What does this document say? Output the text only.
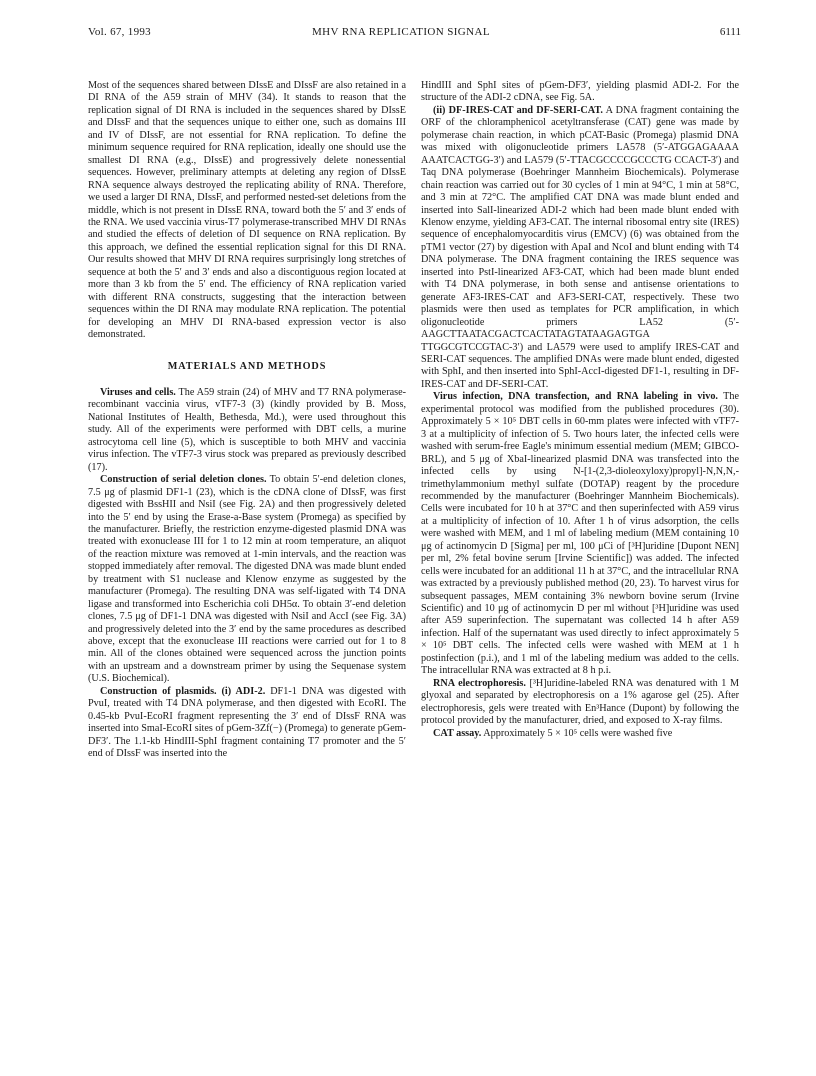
Vol. 67, 1993	MHV RNA REPLICATION SIGNAL	6111

Most of the sequences shared between DIssE and DIssF are also retained in a DI RNA of the A59 strain of MHV (34). It stands to reason that the replication signal of DI RNA is included in the sequences shared by DIssE and DIssF and that the sequences unique to either one, such as domains III and IV of DIssF, are not essential for RNA replication. To define the minimum sequence required for RNA replication, ideally one should use the smallest DI RNA (e.g., DIssE) and progressively delete nonessential sequences. However, preliminary attempts at deleting any region of DIssE RNA sequence always destroyed the replicating ability of RNA. Therefore, we used a larger DI RNA, DIssF, and performed nested-set deletions from the middle, which is not present in DIssE RNA, toward both the 5′ and 3′ ends of the RNA. We used vaccinia virus-T7 polymerase-transcribed MHV DI RNAs and studied the effects of deletion of DI sequence on RNA replication. By this approach, we defined the essential replication signal for this DI RNA. Our results showed that MHV DI RNA requires surprisingly long stretches of sequence at both the 5′ and 3′ ends and also a discontiguous region located at more than 3 kb from the 5′ end. The efficiency of RNA replication varied with different RNA constructs, suggesting that the interaction between sequences within the DI RNA may modulate RNA replication. The potential for developing an MHV DI RNA-based expression vector is also demonstrated.

MATERIALS AND METHODS

Viruses and cells. The A59 strain (24) of MHV and T7 RNA polymerase-recombinant vaccinia virus, vTF7-3 (3) (kindly provided by B. Moss, National Institutes of Health, Bethesda, Md.), were used throughout this study. All of the experiments were performed with DBT cells, a murine astrocytoma cell line (5), which is susceptible to both MHV and vaccinia virus infection. The vTF7-3 virus stock was prepared as previously described (17).

Construction of serial deletion clones. To obtain 5′-end deletion clones, 7.5 μg of plasmid DF1-1 (23), which is the cDNA clone of DIssF, was first digested with BssHII and NsiI (see Fig. 2A) and then progressively deleted into the 5′ end by using the Erase-a-Base system (Promega) as specified by the manufacturer. Briefly, the restriction enzyme-digested plasmid DNA was treated with exonuclease III for 1 to 12 min at room temperature, an aliquot of the reaction mixture was removed at 1-min intervals, and the reaction was stopped immediately after removal. The digested DNA was made blunt ended by treatment with S1 nuclease and Klenow enzyme as suggested by the manufacturer (Promega). The resulting DNA was self-ligated with T4 DNA ligase and transformed into Escherichia coli DH5α. To obtain 3′-end deletion clones, 7.5 μg of DF1-1 DNA was digested with NsiI and AccI (see Fig. 3A) and progressively deleted into the 3′ end by the same procedures as described above, except that the exonuclease III reactions were carried out for 1 to 8 min. All of the clones obtained were sequenced across the junction points with an upstream and a downstream primer by using the Sequenase system (U.S. Biochemical).

Construction of plasmids. (i) ADI-2. DF1-1 DNA was digested with PvuI, treated with T4 DNA polymerase, and then digested with EcoRI. The 0.45-kb PvuI-EcoRI fragment representing the 3′ end of DIssF RNA was inserted into SmaI-EcoRI sites of pGem-3Zf(−) (Promega) to generate pGem-DF3′. The 1.1-kb HindIII-SphI fragment containing T7 promoter and the 5′ end of DIssF was inserted into the

HindIII and SphI sites of pGem-DF3′, yielding plasmid ADI-2. For the structure of the ADI-2 cDNA, see Fig. 5A.

(ii) DF-IRES-CAT and DF-SERI-CAT. A DNA fragment containing the ORF of the chloramphenicol acetyltransferase (CAT) gene was made by polymerase chain reaction, in which pCAT-Basic (Promega) plasmid DNA was mixed with oligonucleotide primers LA578 (5′-ATGGAGAAAA AAATCACTGG-3′) and LA579 (5′-TTACGCCCCGCCCTG CCACT-3′) and Taq DNA polymerase (Boehringer Mannheim Biochemicals). Polymerase chain reaction was carried out for 30 cycles of 1 min at 94°C, 1 min at 58°C, and 3 min at 72°C. The amplified CAT DNA was made blunt ended and inserted into SalI-linearized ADI-2 which had been made blunt ended with Klenow enzyme, yielding AF3-CAT. The internal ribosomal entry site (IRES) sequence of encephalomyocarditis virus (EMCV) (6) was obtained from the pTM1 vector (27) by digestion with ApaI and NcoI and blunt ending with T4 DNA polymerase. The DNA fragment containing the IRES sequence was inserted into PstI-linearized AF3-CAT, which had been made blunt ended with T4 DNA polymerase, in both sense and antisense orientations to generate AF3-IRES-CAT and AF3-SERI-CAT, respectively. These two plasmids were then used as templates for PCR amplification, in which oligonucleotide primers LA52 (5′-AAGCTTAATACGACTCACTATAGTATAAGAGTGA TTGGCGTCCGTAC-3′) and LA579 were used to amplify IRES-CAT and SERI-CAT sequences. The amplified DNAs were made blunt ended, digested with SphI, and then inserted into SphI-AccI-digested DF1-1, resulting in DF-IRES-CAT and DF-SERI-CAT.

Virus infection, DNA transfection, and RNA labeling in vivo. The experimental protocol was modified from the published procedures (30). Approximately 5 × 10⁵ DBT cells in 60-mm plates were infected with vTF7-3 at a multiplicity of infection of 5. Two hours later, the infected cells were washed with serum-free Eagle's minimum essential medium (MEM; GIBCO-BRL), and 5 μg of XbaI-linearized plasmid DNA was transfected into the infected cells by using N-[1-(2,3-dioleoxyloxy)propyl]-N,N,N,-trimethylammonium methyl sulfate (DOTAP) reagent by the procedure recommended by the manufacturer (Boehringer Mannheim Biochemicals). Cells were incubated for 10 h at 37°C and then superinfected with A59 virus at a multiplicity of infection of 10. After 1 h of virus adsorption, the cells were washed with MEM, and 1 ml of labeling medium (MEM containing 10 μg of actinomycin D [Sigma] per ml, 100 μCi of [³H]uridine [Dupont NEN] per ml, 2% fetal bovine serum [Irvine Scientific]) was added. The infected cells were incubated for an additional 11 h at 37°C, and the intracellular RNA was extracted by a previously published method (20, 23). To harvest virus for subsequent passages, MEM containing 3% newborn bovine serum (Irvine Scientific) and 10 μg of actinomycin D per ml without [³H]uridine was used after A59 superinfection. The supernatant was collected 14 h after A59 infection. Half of the supernatant was used directly to infect approximately 5 × 10⁵ DBT cells. The infected cells were washed with MEM at 1 h postinfection (p.i.), and 1 ml of the labeling medium was added to the cells. The intracellular RNA was extracted at 8 h p.i.

RNA electrophoresis. [³H]uridine-labeled RNA was denatured with 1 M glyoxal and separated by electrophoresis on a 1% agarose gel (25). After electrophoresis, gels were treated with En³Hance (Dupont) by following the protocol provided by the manufacturer, dried, and exposed to X-ray films.

CAT assay. Approximately 5 × 10⁵ cells were washed five
